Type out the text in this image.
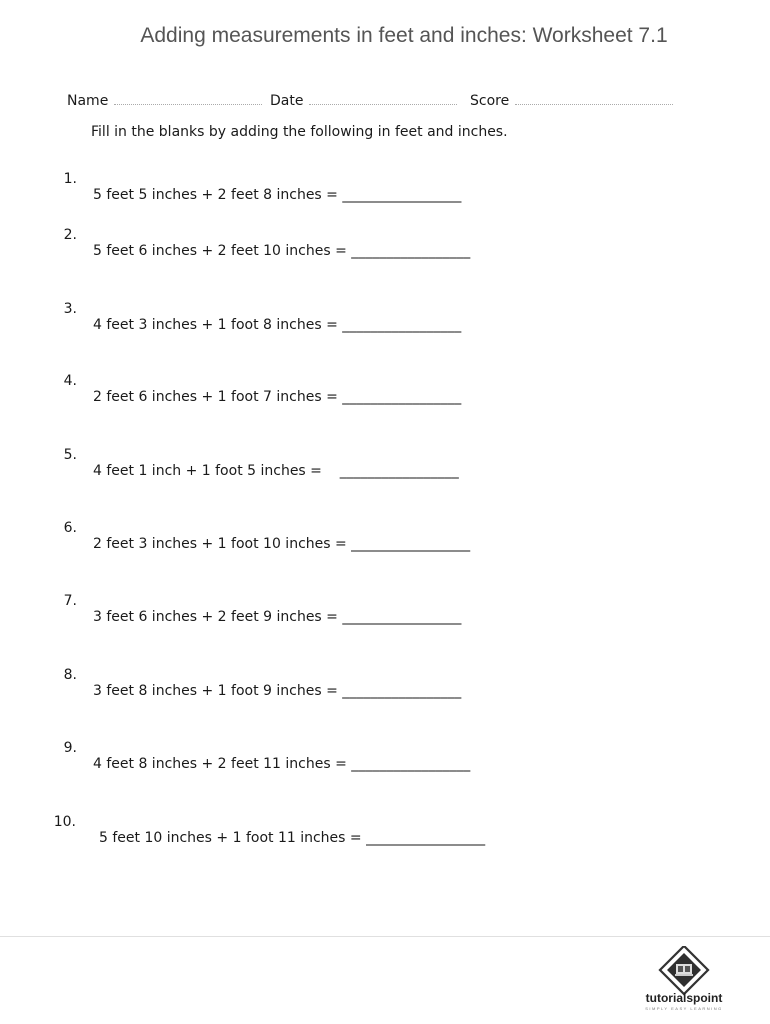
Adding measurements in feet and inches: Worksheet 7.1
Name	Date	Score
Fill in the blanks by adding the following in feet and inches.

1.

5 feet 5 inches + 2 feet 8 inches = _________________

2.

5 feet 6 inches + 2 feet 10 inches = _________________

3.

4 feet 3 inches + 1 foot 8 inches = _________________

4.

2 feet 6 inches + 1 foot 7 inches = _________________

5.

4 feet 1 inch + 1 foot 5 inches =    _________________

6.

2 feet 3 inches + 1 foot 10 inches = _________________

7.

3 feet 6 inches + 2 feet 9 inches = _________________

8.

3 feet 8 inches + 1 foot 9 inches = _________________

9.

4 feet 8 inches + 2 feet 11 inches = _________________

10.

5 feet 10 inches + 1 foot 11 inches = _________________

tutorialspoint
SIMPLY EASY LEARNING
